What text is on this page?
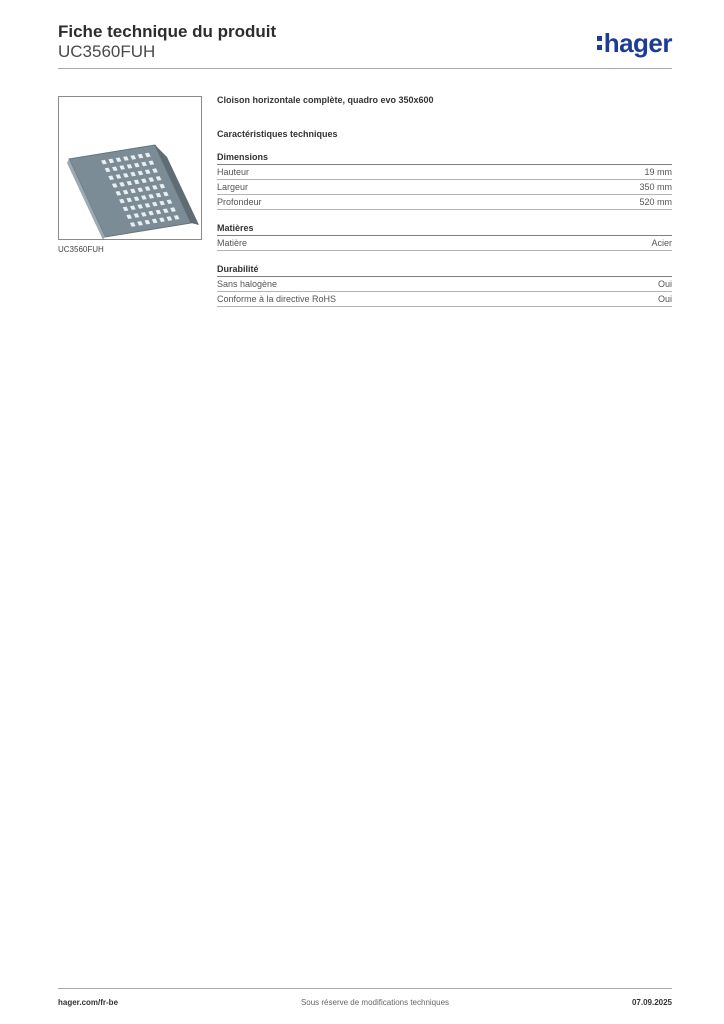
Fiche technique du produit
UC3560FUH	hager
UC3560FUH
Cloison horizontale complète, quadro evo 350x600
Caractéristiques techniques
Dimensions
Hauteur	19 mm
Largeur	350 mm
Profondeur	520 mm
Matières
Matière	Acier
Durabilité
Sans halogène	Oui
Conforme à la directive RoHS	Oui
hager.com/fr-be	Sous réserve de modifications techniques	07.09.2025
